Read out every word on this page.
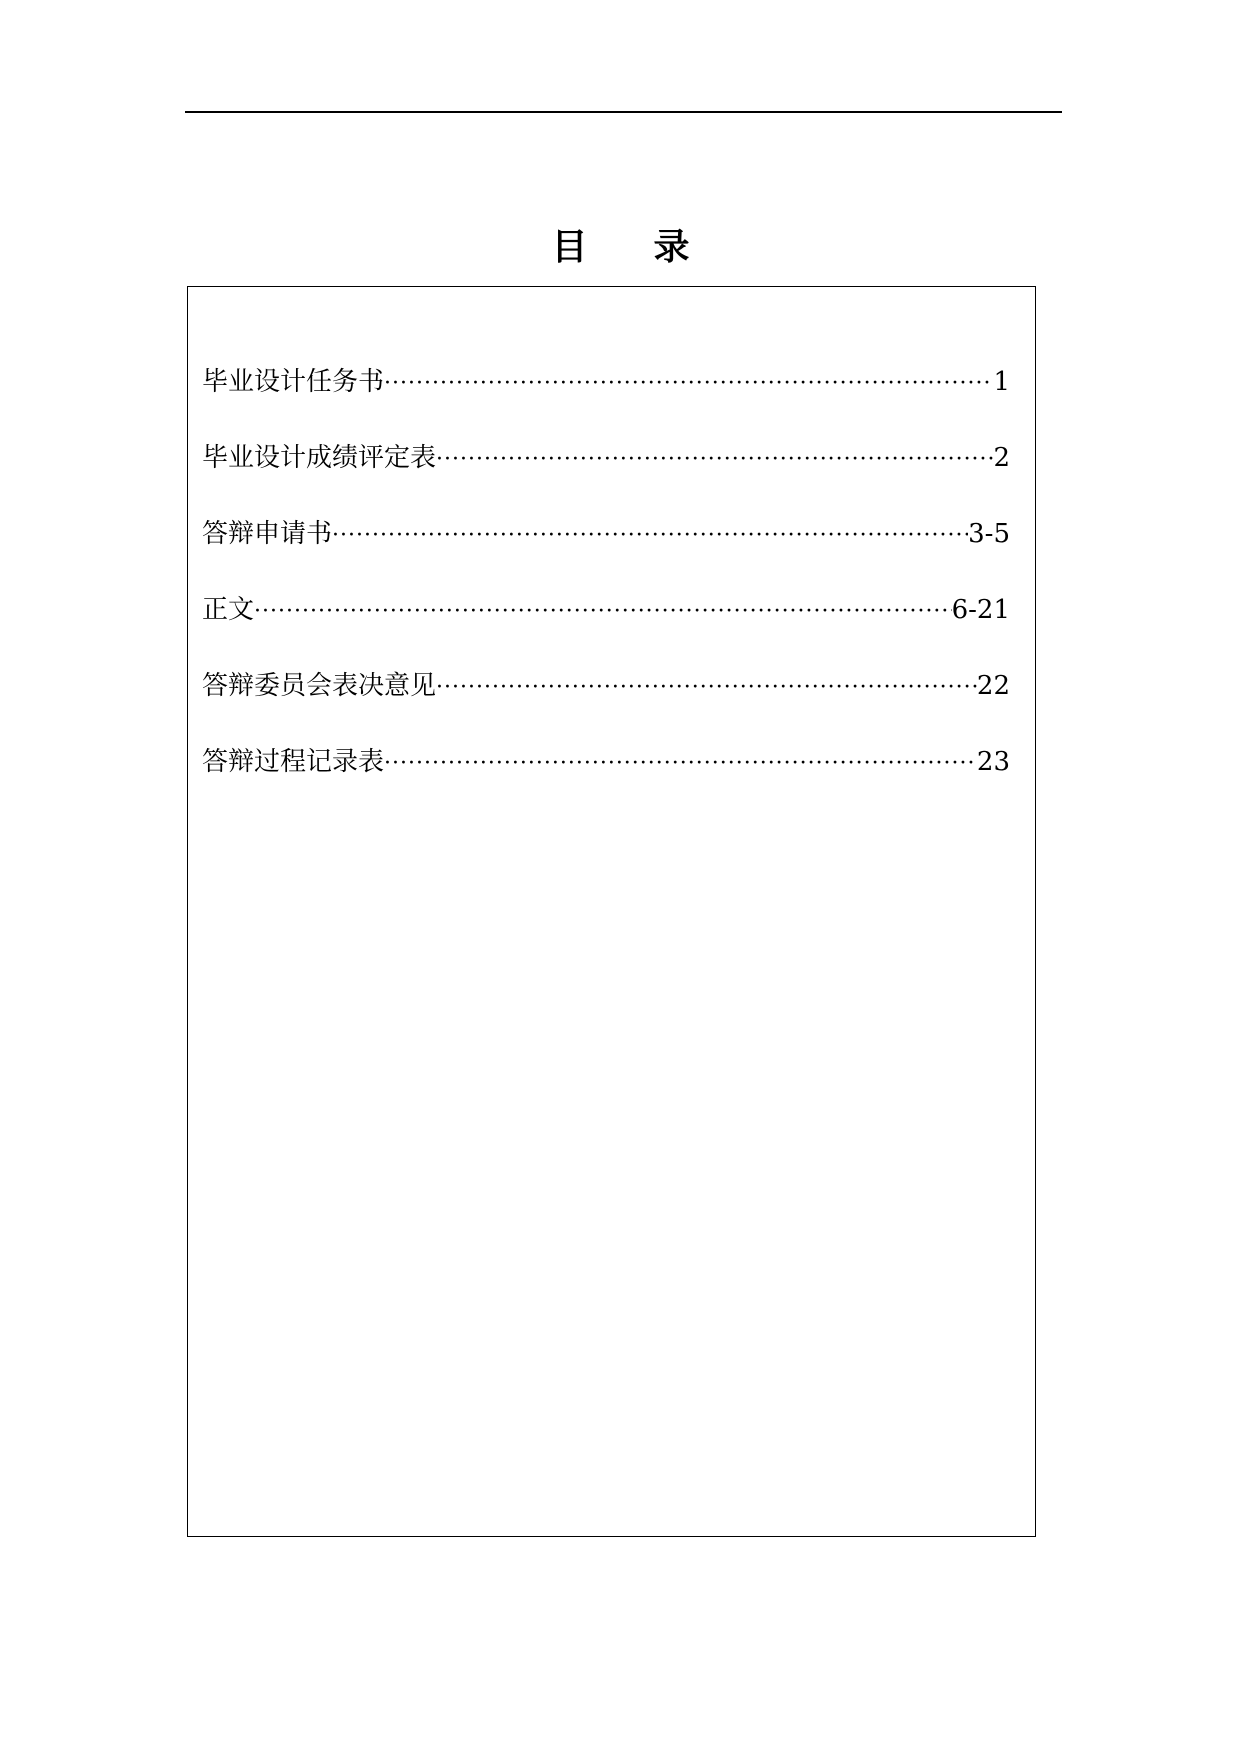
目 录
毕业设计任务书 ·····	1
毕业设计成绩评定表 ·····	2
答辩申请书 ·····	3-5
正文 ·····	6-21
答辩委员会表决意见 ·····	22
答辩过程记录表 ·····	23
